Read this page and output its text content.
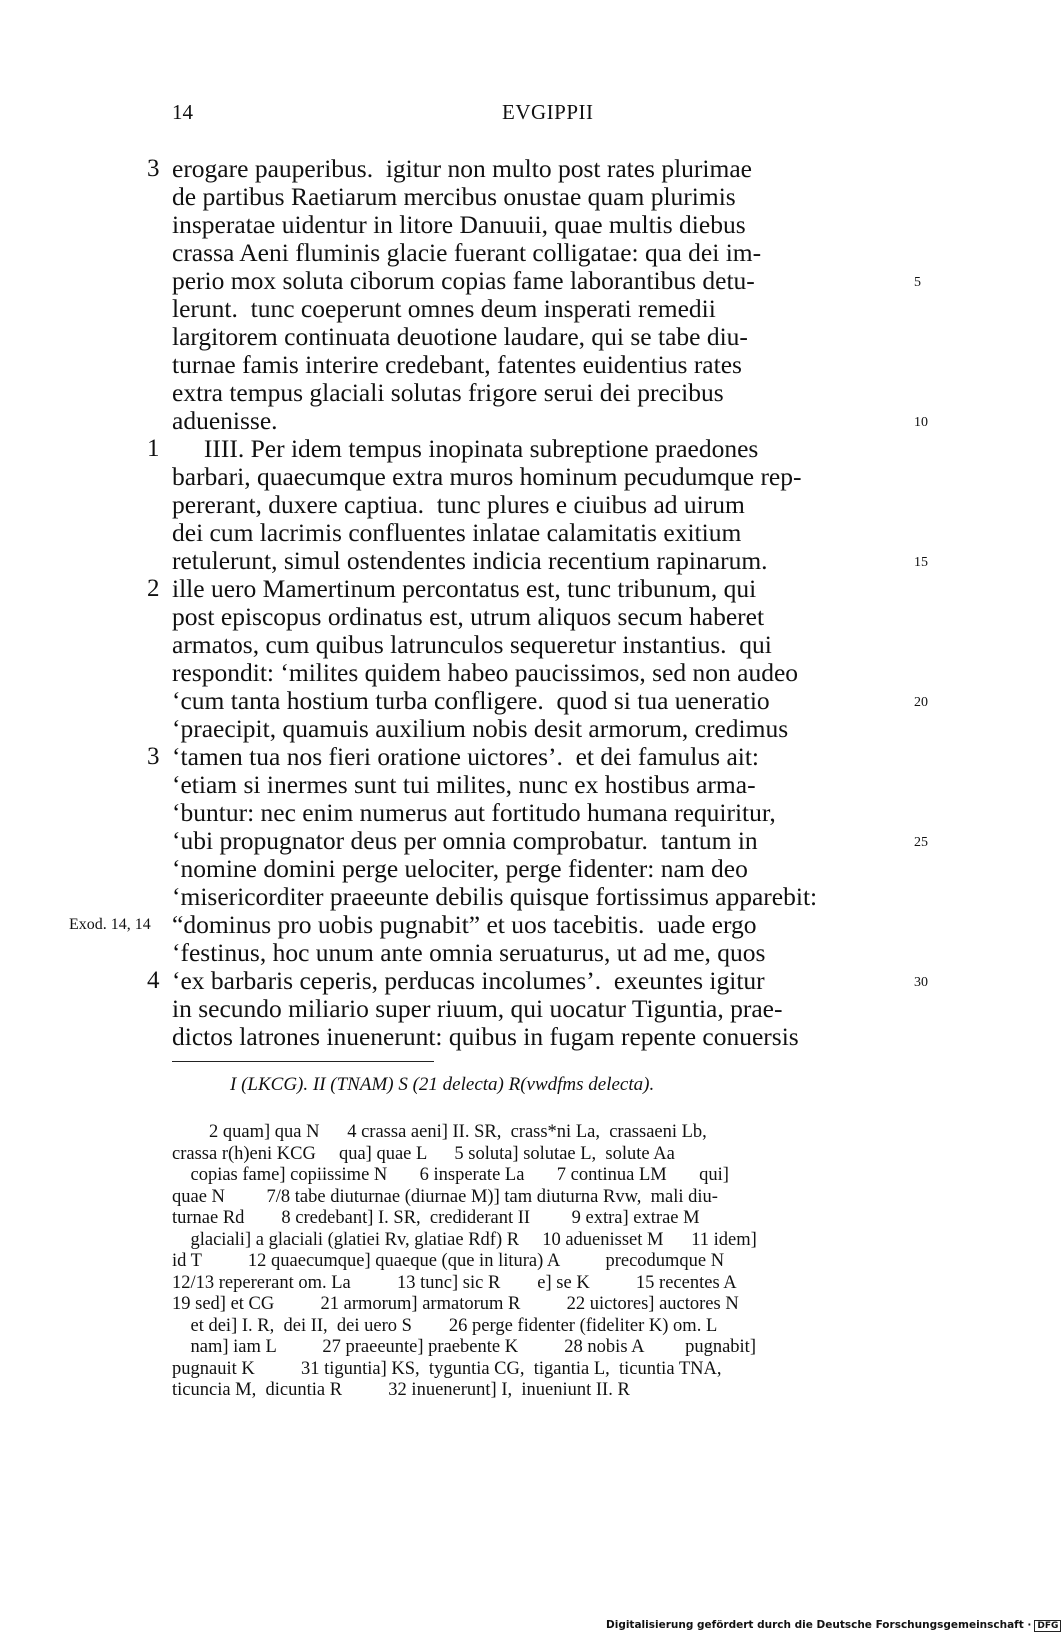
14	EVGIPPII
erogare pauperibus.  igitur non multo post rates plurimae
3
de partibus Raetiarum mercibus onustae quam plurimis
insperatae uidentur in litore Danuuii, quae multis diebus
crassa Aeni fluminis glacie fuerant colligatae: qua dei im-
perio mox soluta ciborum copias fame laborantibus detu-	5
lerunt.  tunc coeperunt omnes deum insperati remedii
largitorem continuata deuotione laudare, qui se tabe diu-
turnae famis interire credebant, fatentes euidentius rates
extra tempus glaciali solutas frigore serui dei precibus
aduenisse.	10
IIII. Per idem tempus inopinata subreptione praedones
1
barbari, quaecumque extra muros hominum pecudumque rep-
pererant, duxere captiua.  tunc plures e ciuibus ad uirum
dei cum lacrimis confluentes inlatae calamitatis exitium
retulerunt, simul ostendentes indicia recentium rapinarum.	15
ille uero Mamertinum percontatus est, tunc tribunum, qui
2
post episcopus ordinatus est, utrum aliquos secum haberet
armatos, cum quibus latrunculos sequeretur instantius.  qui
respondit: ‘milites quidem habeo paucissimos, sed non audeo
‘cum tanta hostium turba confligere.  quod si tua ueneratio	20
‘praecipit, quamuis auxilium nobis desit armorum, credimus
‘tamen tua nos fieri oratione uictores’.  et dei famulus ait:
3
‘etiam si inermes sunt tui milites, nunc ex hostibus arma-
‘buntur: nec enim numerus aut fortitudo humana requiritur,
‘ubi propugnator deus per omnia comprobatur.  tantum in	25
‘nomine domini perge uelociter, perge fidenter: nam deo
‘misericorditer praeeunte debilis quisque fortissimus apparebit:
“dominus pro uobis pugnabit” et uos tacebitis.  uade ergo
Exod. 14, 14
‘festinus, hoc unum ante omnia seruaturus, ut ad me, quos
‘ex barbaris ceperis, perducas incolumes’.  exeuntes igitur
4	30
in secundo miliario super riuum, qui uocatur Tiguntia, prae-
dictos latrones inuenerunt: quibus in fugam repente conuersis
I (LKCG). II (TNAM) S (21 delecta) R(vwdfms delecta).
2 quam] qua N      4 crassa aeni] II. SR,  crass*ni La,  crassaeni Lb,
crassa r(h)eni KCG     qua] quae L      5 soluta] solutae L,  solute Aa
copias fame] copiissime N       6 insperate La       7 continua LM       qui]
quae N         7/8 tabe diuturnae (diurnae M)] tam diuturna Rvw,  mali diu-
turnae Rd        8 credebant] I. SR,  crediderant II         9 extra] extrae M
glaciali] a glaciali (glatiei Rv, glatiae Rdf) R     10 aduenisset M      11 idem]
id T          12 quaecumque] quaeque (que in litura) A          precodumque N
12/13 repererant om. La          13 tunc] sic R        e] se K          15 recentes A
19 sed] et CG          21 armorum] armatorum R          22 uictores] auctores N
et dei] I. R,  dei II,  dei uero S        26 perge fidenter (fideliter K) om. L
nam] iam L          27 praeeunte] praebente K          28 nobis A         pugnabit]
pugnauit K          31 tiguntia] KS,  tyguntia CG,  tigantia L,  ticuntia TNA,
ticuncia M,  dicuntia R          32 inuenerunt] I,  inueniunt II. R
Digitalisierung gefördert durch die Deutsche Forschungsgemeinschaft · DFG
